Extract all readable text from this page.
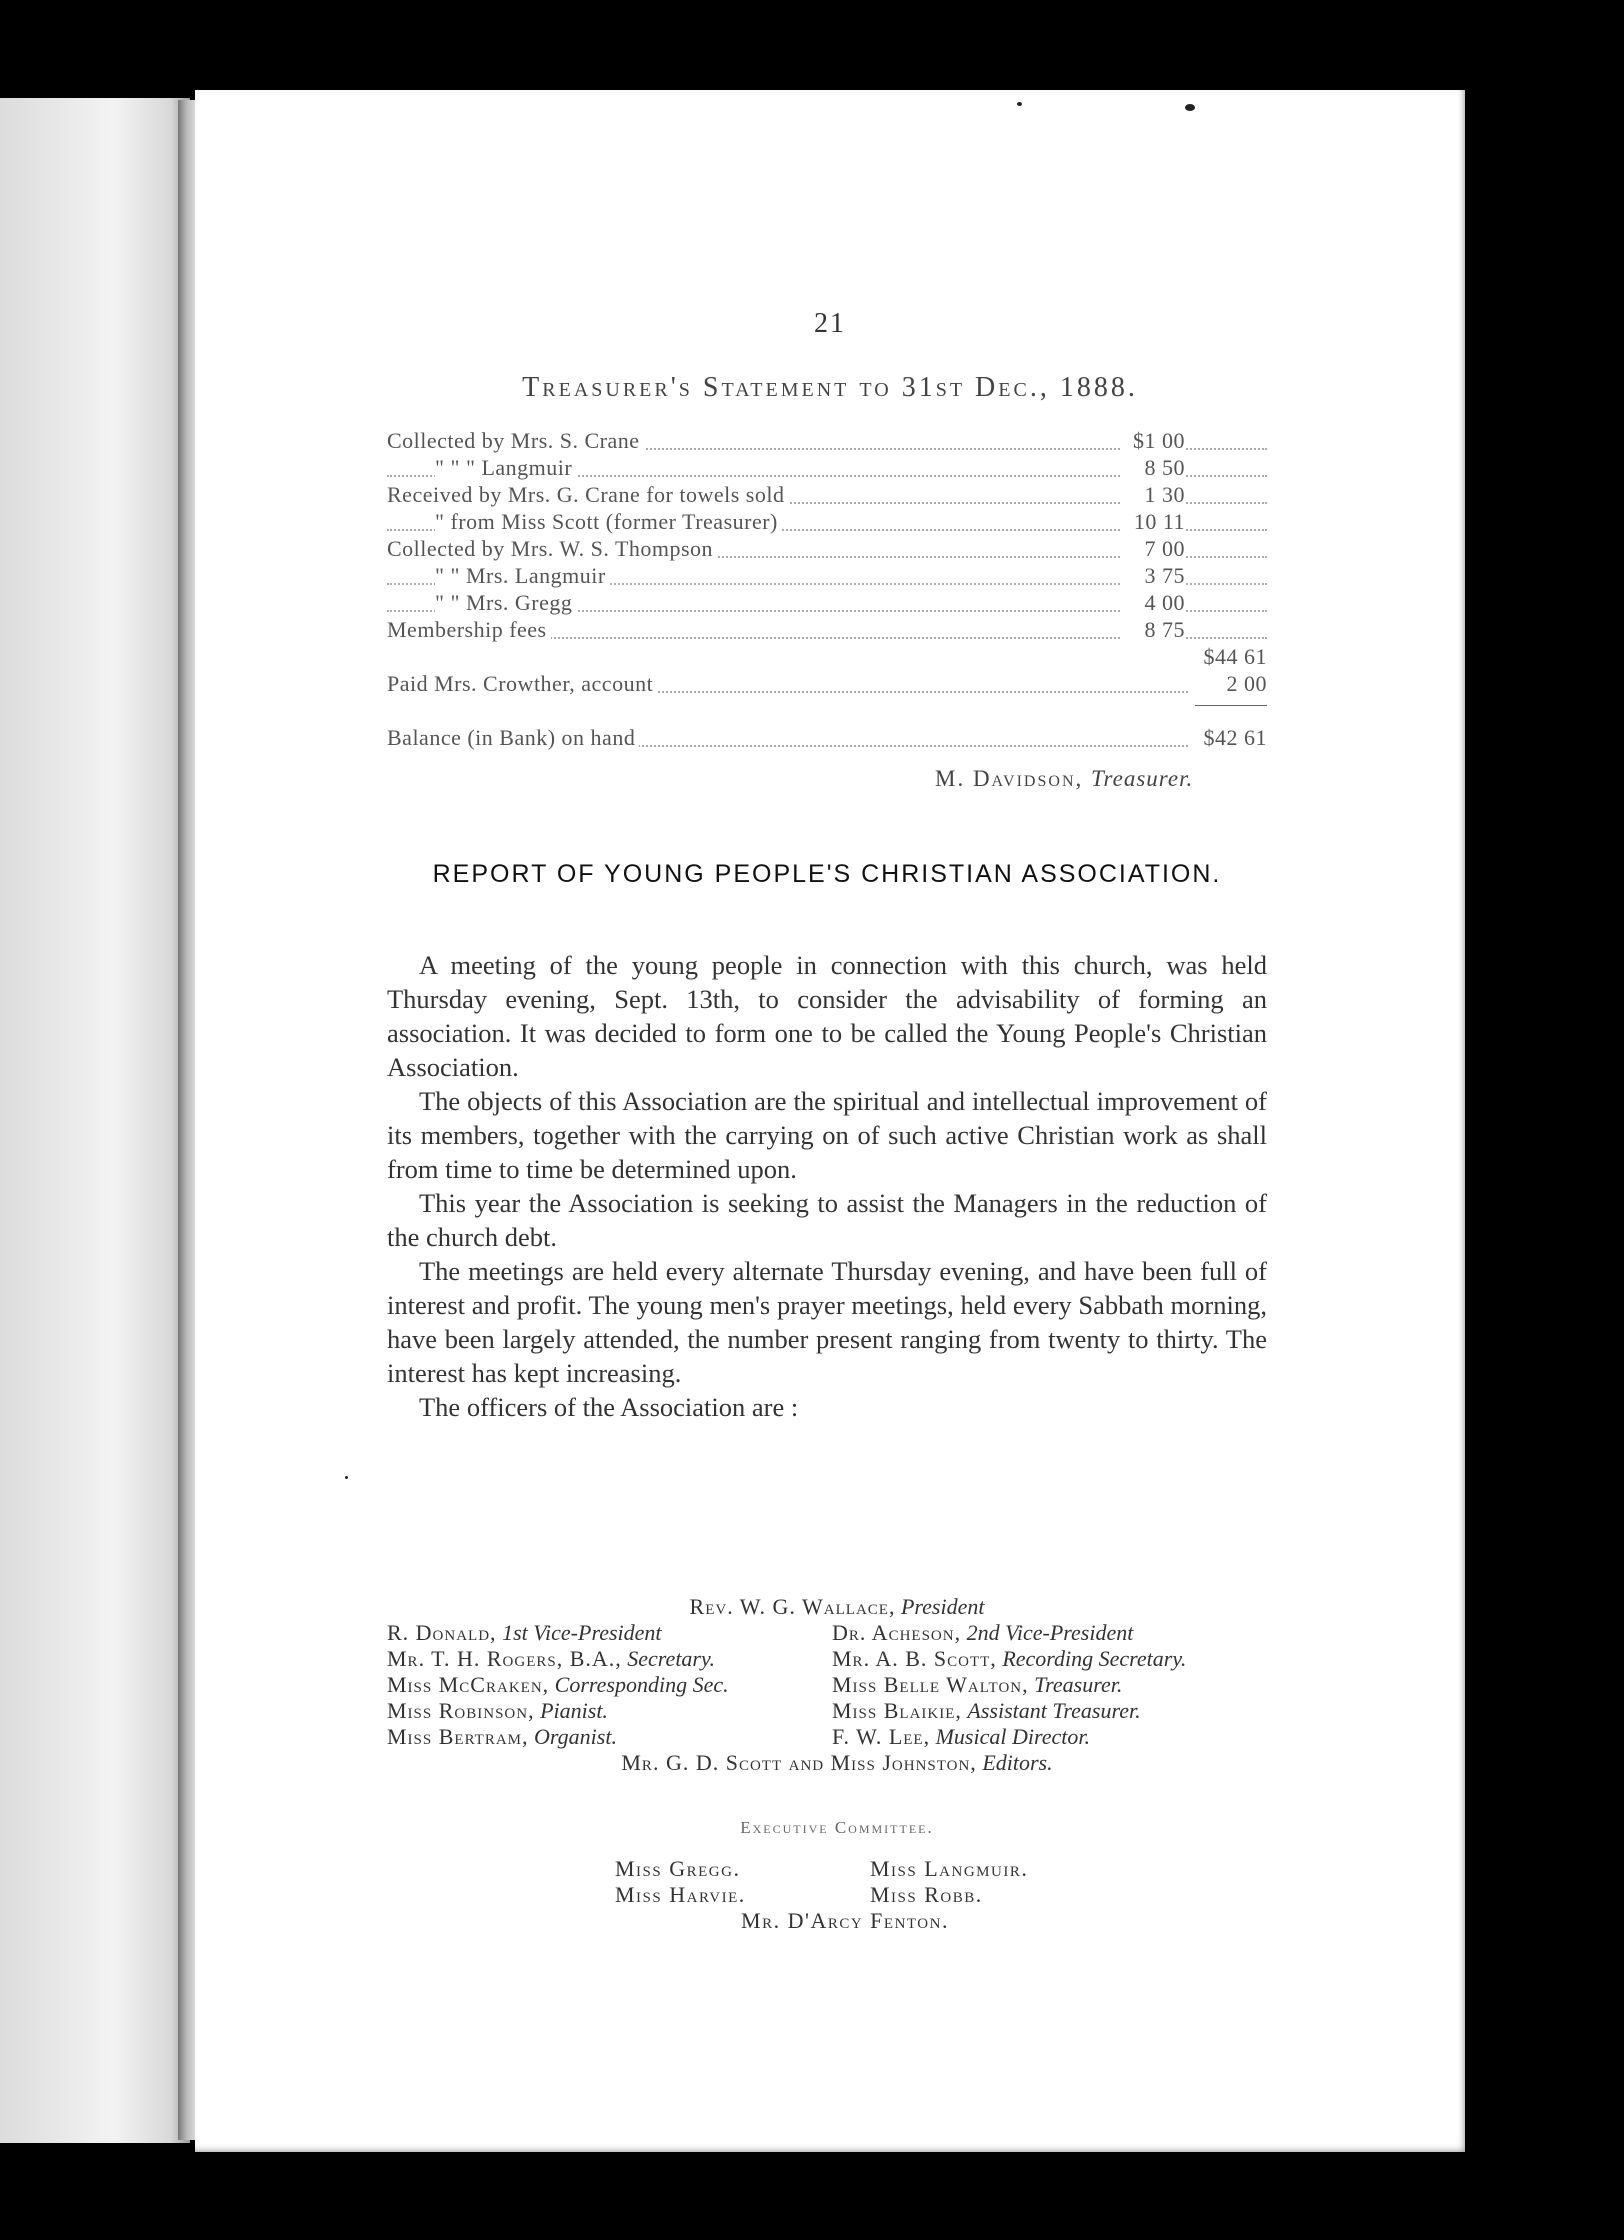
21
Treasurer's Statement to 31st Dec., 1888.
Collected by Mrs. S. Crane	$1 00
" " " Langmuir	8 50
Received by Mrs. G. Crane for towels sold	1 30
" from Miss Scott (former Treasurer)	10 11
Collected by Mrs. W. S. Thompson	7 00
" " Mrs. Langmuir	3 75
" " Mrs. Gregg	4 00
Membership fees	8 75
$44 61
Paid Mrs. Crowther, account	2 00
Balance (in Bank) on hand	$42 61
M. Davidson, Treasurer.
REPORT OF YOUNG PEOPLE'S CHRISTIAN ASSOCIATION.

A meeting of the young people in connection with this church, was held Thursday evening, Sept. 13th, to consider the advisability of forming an association. It was decided to form one to be called the Young People's Christian Association.

The objects of this Association are the spiritual and intellectual improvement of its members, together with the carrying on of such active Christian work as shall from time to time be determined upon.

This year the Association is seeking to assist the Managers in the reduction of the church debt.

The meetings are held every alternate Thursday evening, and have been full of interest and profit. The young men's prayer meetings, held every Sabbath morning, have been largely attended, the number present ranging from twenty to thirty. The interest has kept increasing.

The officers of the Association are :

Rev. W. G. Wallace, President
R. Donald, 1st Vice-President	Dr. Acheson, 2nd Vice-President
Mr. T. H. Rogers, B.A., Secretary.	Mr. A. B. Scott, Recording Secretary.
Miss McCraken, Corresponding Sec.	Miss Belle Walton, Treasurer.
Miss Robinson, Pianist.	Miss Blaikie, Assistant Treasurer.
Miss Bertram, Organist.	F. W. Lee, Musical Director.
Mr. G. D. Scott and Miss Johnston, Editors.
Executive Committee.
Miss Gregg.	Miss Langmuir.
Miss Harvie.	Miss Robb.
Mr. D'Arcy Fenton.
